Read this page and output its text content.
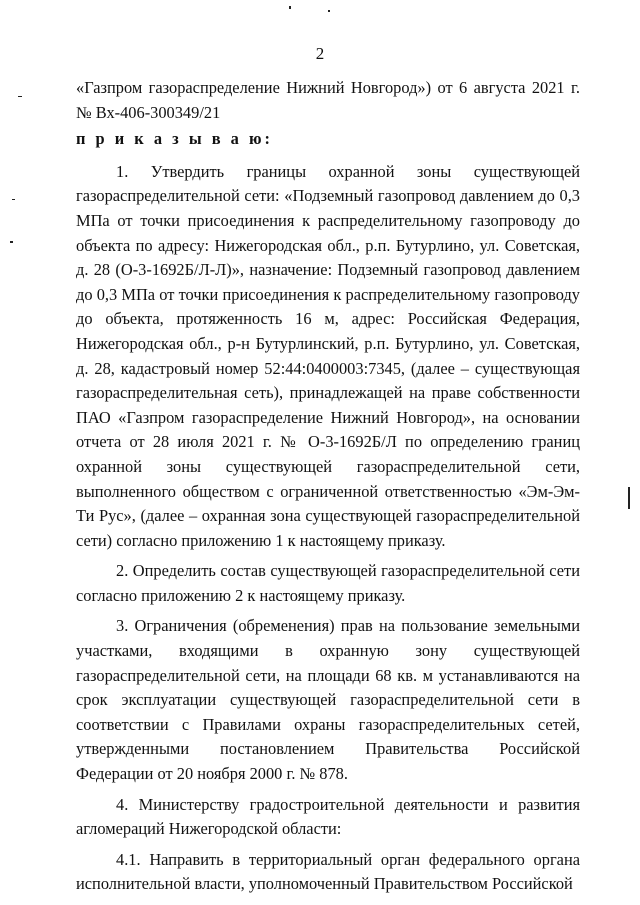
2

«Газпром газораспределение Нижний Новгород») от 6 августа 2021 г. № Вх-406-300349/21

п р и к а з ы в а ю:

1. Утвердить границы охранной зоны существующей газораспределительной сети: «Подземный газопровод давлением до 0,3 МПа от точки присоединения к распределительному газопроводу до объекта по адресу: Нижегородская обл., р.п. Бутурлино, ул. Советская, д. 28 (О-3-1692Б/Л-Л)», назначение: Подземный газопровод давлением до 0,3 МПа от точки присоединения к распределительному газопроводу до объекта, протяженность 16 м, адрес: Российская Федерация, Нижегородская обл., р-н Бутурлинский, р.п. Бутурлино, ул. Советская, д. 28, кадастровый номер 52:44:0400003:7345, (далее – существующая газораспределительная сеть), принадлежащей на праве собственности ПАО «Газпром газораспределение Нижний Новгород», на основании отчета от 28 июля 2021 г. № О-3-1692Б/Л по определению границ охранной зоны существующей газораспределительной сети, выполненного обществом с ограниченной ответственностью «Эм-Эм-Ти Рус», (далее – охранная зона существующей газораспределительной сети) согласно приложению 1 к настоящему приказу.

2. Определить состав существующей газораспределительной сети согласно приложению 2 к настоящему приказу.

3. Ограничения (обременения) прав на пользование земельными участками, входящими в охранную зону существующей газораспределительной сети, на площади 68 кв. м устанавливаются на срок эксплуатации существующей газораспределительной сети в соответствии с Правилами охраны газораспределительных сетей, утвержденными постановлением Правительства Российской Федерации от 20 ноября 2000 г. № 878.

4. Министерству градостроительной деятельности и развития агломераций Нижегородской области:

4.1. Направить в территориальный орган федерального органа исполнительной власти, уполномоченный Правительством Российской
